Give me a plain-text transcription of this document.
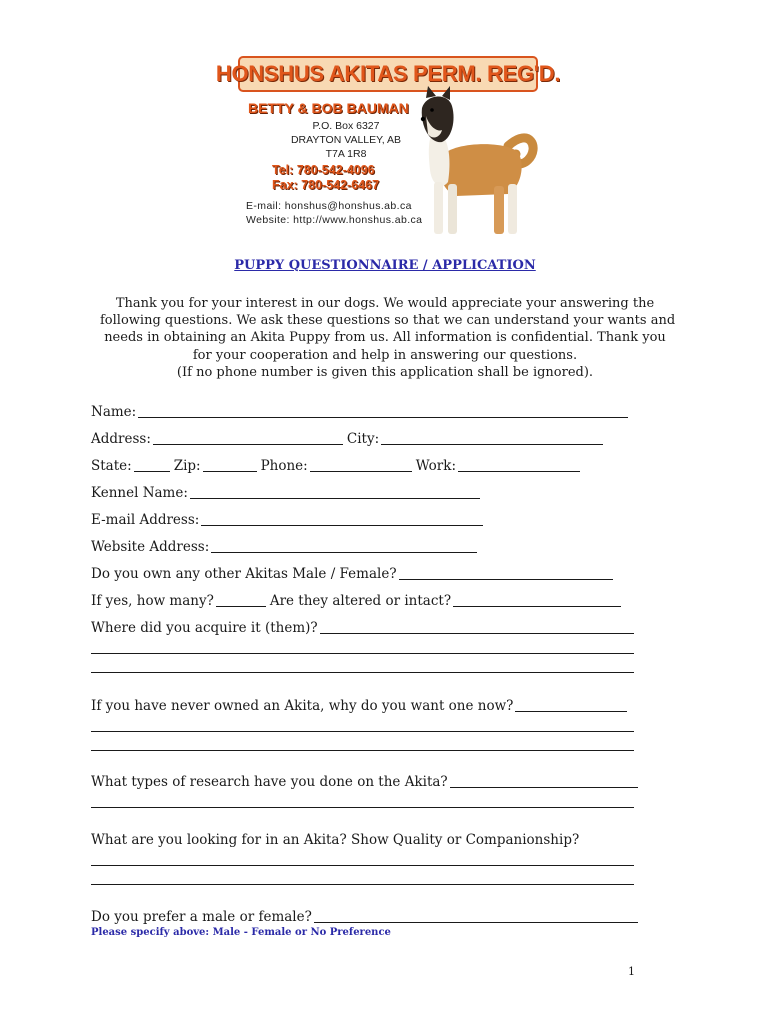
HONSHUS AKITAS PERM. REG'D.
BETTY & BOB BAUMAN
P.O. Box 6327
DRAYTON VALLEY, AB
T7A 1R8
Tel: 780-542-4096
Fax: 780-542-6467
E-mail: honshus@honshus.ab.ca
Website: http://www.honshus.ab.ca
PUPPY QUESTIONNAIRE / APPLICATION
Thank you for your interest in our dogs. We would appreciate your answering the
following questions. We ask these questions so that we can understand your wants and
needs in obtaining an Akita Puppy from us. All information is confidential. Thank you
for your cooperation and help in answering our questions.
(If no phone number is given this application shall be ignored).
Name:
Address:	City:
State:	Zip:	Phone:	Work:
Kennel Name:
E-mail Address:
Website Address:
Do you own any other Akitas Male / Female?
If yes, how many?	Are they altered or intact?
Where did you acquire it (them)?
If you have never owned an Akita, why do you want one now?
What types of research have you done on the Akita?
What are you looking for in an Akita? Show Quality or Companionship?
Do you prefer a male or female?
Please specify above: Male - Female or No Preference
1
